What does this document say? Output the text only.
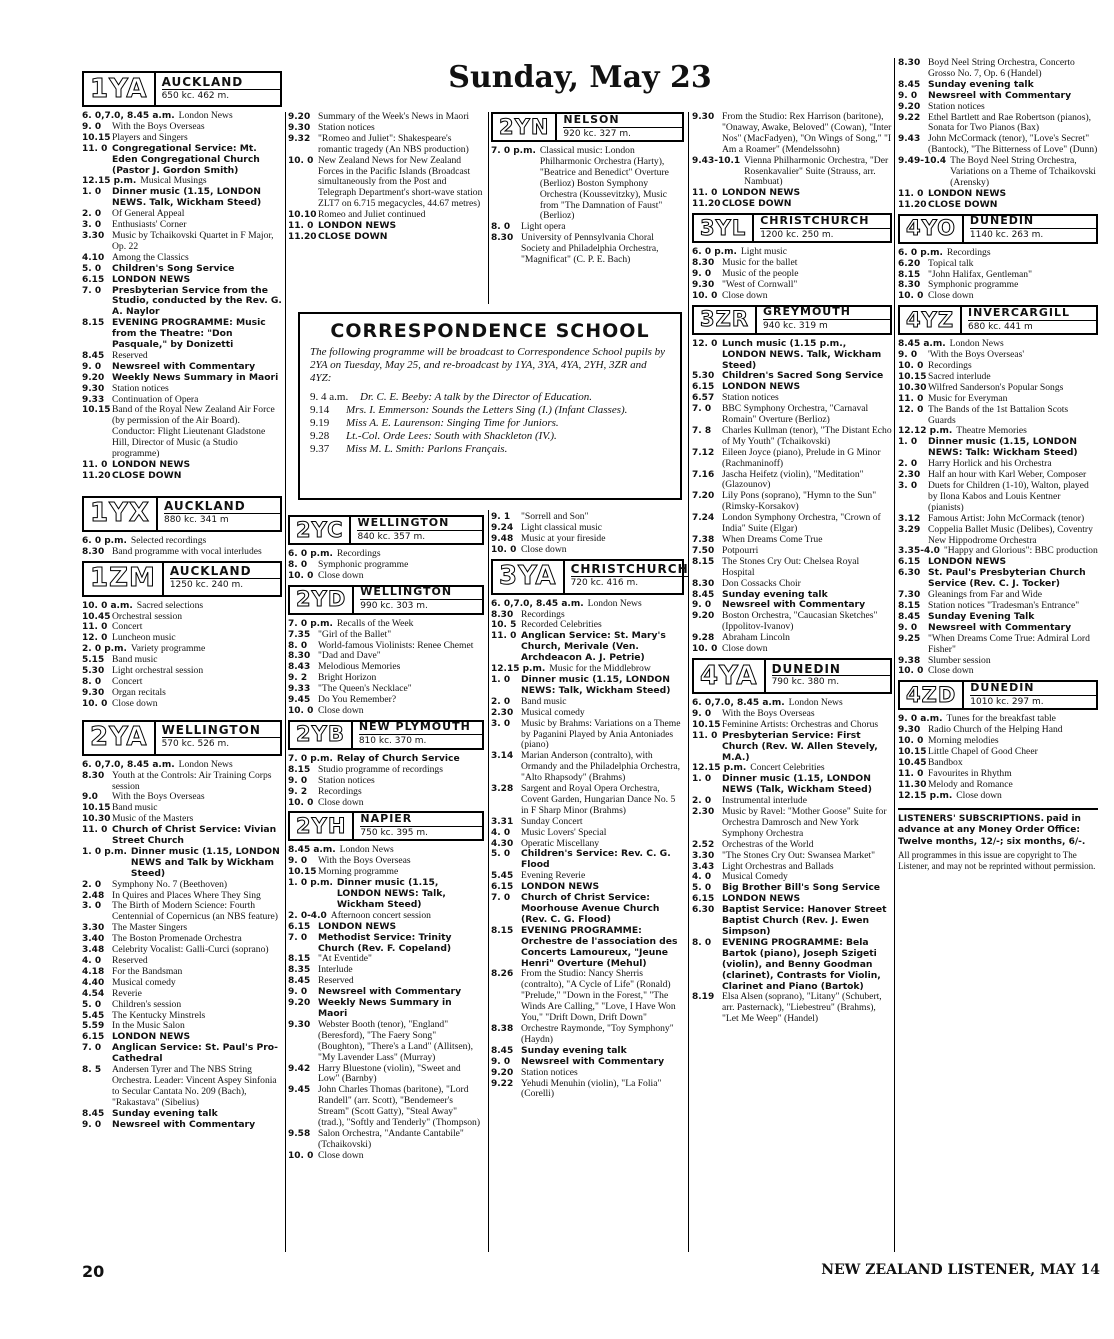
Sunday, May 23
1YA	AUCKLAND
650 kc. 462 m.
6. 0,7.0, 8.45 a.m. London News
9. 0	With the Boys Overseas
10.15 Players and Singers
11. 0 Congregational Service: Mt. Eden Congregational Church (Pastor J. Gordon Smith)
12.15 p.m. Musical Musings
1. 0	Dinner music (1.15, LONDON NEWS. Talk, Wickham Steed)
2. 0	Of General Appeal
3. 0	Enthusiasts' Corner
3.30 Music by Tchaikovski Quartet in F Major, Op. 22
4.10 Among the Classics
5. 0	Children's Song Service
6.15 LONDON NEWS
7. 0	Presbyterian Service from the Studio, conducted by the Rev. G. A. Naylor
8.15 EVENING PROGRAMME: Music from the Theatre: "Don Pasquale," by Donizetti
8.45 Reserved
9. 0	Newsreel with Commentary
9.20 Weekly News Summary in Maori
9.30 Station notices
9.33 Continuation of Opera
10.15 Band of the Royal New Zealand Air Force (by permission of the Air Board). Conductor: Flight Lieutenant Gladstone Hill, Director of Music (a Studio programme)
11. 0 LONDON NEWS
11.20 CLOSE DOWN
1YX	AUCKLAND
880 kc. 341 m
6. 0 p.m. Selected recordings
8.30 Band programme with vocal interludes
1ZM	AUCKLAND
1250 kc. 240 m.
10. 0 a.m. Sacred selections
10.45 Orchestral session
11. 0 Concert
12. 0 Luncheon music
2. 0 p.m. Variety programme
5.15 Band music
5.30 Light orchestral session
8. 0	Concert
9.30 Organ recitals
10. 0 Close down
2YA	WELLINGTON
570 kc. 526 m.
6. 0,7.0, 8.45 a.m. London News
8.30 Youth at the Controls: Air Training Corps session
9.0	With the Boys Overseas
10.15 Band music
10.30 Music of the Masters
11. 0 Church of Christ Service: Vivian Street Church
1. 0 p.m. Dinner music (1.15, LONDON NEWS and Talk by Wickham Steed)
2. 0	Symphony No. 7 (Beethoven)
2.48 In Quires and Places Where They Sing
3. 0	The Birth of Modern Science: Fourth Centennial of Copernicus (an NBS feature)
3.30 The Master Singers
3.40 The Boston Promenade Orchestra
3.48 Celebrity Vocalist: Galli-Curci (soprano)
4. 0	Reserved
4.18 For the Bandsman
4.40 Musical comedy
4.54 Reverie
5. 0	Children's session
5.45 The Kentucky Minstrels
5.59 In the Music Salon
6.15 LONDON NEWS
7. 0	Anglican Service: St. Paul's Pro-Cathedral
8. 5	Andersen Tyrer and The NBS String Orchestra. Leader: Vincent Aspey Sinfonia to Secular Cantata No. 209 (Bach), "Rakastava" (Sibelius)
8.45 Sunday evening talk
9. 0	Newsreel with Commentary
9.20 Summary of the Week's News in Maori
9.30 Station notices
9.32 "Romeo and Juliet": Shakespeare's romantic tragedy (An NBS production)
10. 0 New Zealand News for New Zealand Forces in the Pacific Islands (Broadcast simultaneously from the Post and Telegraph Department's short-wave station ZLT7 on 6.715 megacycles, 44.67 metres)
10.10 Romeo and Juliet continued
11. 0 LONDON NEWS
11.20 CLOSE DOWN
2YN	NELSON
920 kc. 327 m.
7. 0 p.m. Classical music: London Philharmonic Orchestra (Harty), "Beatrice and Benedict" Overture (Berlioz) Boston Symphony Orchestra (Koussevitzky), Music from "The Damnation of Faust" (Berlioz)
8. 0	Light opera
8.30 University of Pennsylvania Choral Society and Philadelphia Orchestra, "Magnificat" (C. P. E. Bach)
CORRESPONDENCE SCHOOL

The following programme will be broadcast to Correspondence School pupils by 2YA on Tuesday, May 25, and re-broadcast by 1YA, 3YA, 4YA, 2YH, 3ZR and 4YZ:

9. 4 a.m.	Dr. C. E. Beeby: A talk by the Director of Education.
9.14	Mrs. I. Emmerson: Sounds the Letters Sing (I.) (Infant Classes).
9.19	Miss A. E. Laurenson: Singing Time for Juniors.
9.28	Lt.-Col. Orde Lees: South with Shackleton (IV.).
9.37	Miss M. L. Smith: Parlons Français.
2YC	WELLINGTON
840 kc. 357 m.
6. 0 p.m. Recordings
8. 0	Symphonic programme
10. 0 Close down
2YD	WELLINGTON
990 kc. 303 m.
7. 0 p.m. Recalls of the Week
7.35 "Girl of the Ballet"
8. 0	World-famous Violinists: Renee Chemet
8.30 "Dad and Dave"
8.43 Melodious Memories
9. 2	Bright Horizon
9.33 "The Queen's Necklace"
9.45 Do You Remember?
10. 0 Close down
2YB	NEW PLYMOUTH
810 kc. 370 m.
7. 0 p.m. Relay of Church Service
8.15 Studio programme of recordings
9. 0	Station notices
9. 2	Recordings
10. 0 Close down
2YH	NAPIER
750 kc. 395 m.
8.45 a.m. London News
9. 0	With the Boys Overseas
10.15 Morning programme
1. 0 p.m. Dinner music (1.15, LONDON NEWS: Talk, Wickham Steed)
2. 0-4.0 Afternoon concert session
6.15 LONDON NEWS
7. 0	Methodist Service: Trinity Church (Rev. F. Copeland)
8.15 "At Eventide"
8.35 Interlude
8.45 Reserved
9. 0	Newsreel with Commentary
9.20 Weekly News Summary in Maori
9.30 Webster Booth (tenor), "England" (Beresford), "The Faery Song" (Boughton), "There's a Land" (Allitsen), "My Lavender Lass" (Murray)
9.42 Harry Bluestone (violin), "Sweet and Low" (Barnby)
9.45 John Charles Thomas (baritone), "Lord Randell" (arr. Scott), "Bendemeer's Stream" (Scott Gatty), "Steal Away" (trad.), "Softly and Tenderly" (Thompson)
9.58 Salon Orchestra, "Andante Cantabile" (Tchaikovski)
10. 0 Close down
9. 1	"Sorrell and Son"
9.24 Light classical music
9.48 Music at your fireside
10. 0 Close down
3YA	CHRISTCHURCH
720 kc. 416 m.
6. 0,7.0, 8.45 a.m. London News
8.30 Recordings
10. 5 Recorded Celebrities
11. 0 Anglican Service: St. Mary's Church, Merivale (Ven. Archdeacon A. J. Petrie)
12.15 p.m. Music for the Middlebrow
1. 0	Dinner music (1.15, LONDON NEWS: Talk, Wickham Steed)
2. 0	Band music
2.30 Musical comedy
3. 0	Music by Brahms: Variations on a Theme by Paganini Played by Ania Antoniades (piano)
3.14 Marian Anderson (contralto), with Ormandy and the Philadelphia Orchestra, "Alto Rhapsody" (Brahms)
3.28 Sargent and Royal Opera Orchestra, Covent Garden, Hungarian Dance No. 5 in F Sharp Minor (Brahms)
3.31 Sunday Concert
4. 0	Music Lovers' Special
4.30 Operatic Miscellany
5. 0	Children's Service: Rev. C. G. Flood
5.45 Evening Reverie
6.15 LONDON NEWS
7. 0	Church of Christ Service: Moorhouse Avenue Church (Rev. C. G. Flood)
8.15 EVENING PROGRAMME: Orchestre de l'association des Concerts Lamoureux, "Jeune Henri" Overture (Mehul)
8.26 From the Studio: Nancy Sherris (contralto), "A Cycle of Life" (Ronald) "Prelude," "Down in the Forest," "The Winds Are Calling," "Love, I Have Won You," "Drift Down, Drift Down"
8.38 Orchestre Raymonde, "Toy Symphony" (Haydn)
8.45 Sunday evening talk
9. 0	Newsreel with Commentary
9.20 Station notices
9.22 Yehudi Menuhin (violin), "La Folia" (Corelli)
9.30 From the Studio: Rex Harrison (baritone), "Onaway, Awake, Beloved" (Cowan), "Inter Nos" (MacFadyen), "On Wings of Song," "I Am a Roamer" (Mendelssohn)
9.43-10.1 Vienna Philharmonic Orchestra, "Der Rosenkavalier" Suite (Strauss, arr. Nambuat)
11. 0 LONDON NEWS
11.20 CLOSE DOWN
3YL	CHRISTCHURCH
1200 kc. 250 m.
6. 0 p.m. Light music
8.30 Music for the ballet
9. 0	Music of the people
9.30 "West of Cornwall"
10. 0 Close down
3ZR	GREYMOUTH
940 kc. 319 m
12. 0 Lunch music (1.15 p.m., LONDON NEWS. Talk, Wickham Steed)
5.30 Children's Sacred Song Service
6.15 LONDON NEWS
6.57 Station notices
7. 0	BBC Symphony Orchestra, "Carnaval Romain" Overture (Berlioz)
7. 8	Charles Kullman (tenor), "The Distant Echo of My Youth" (Tchaikovski)
7.12 Eileen Joyce (piano), Prelude in G Minor (Rachmaninoff)
7.16 Jascha Heifetz (violin), "Meditation" (Glazounov)
7.20 Lily Pons (soprano), "Hymn to the Sun" (Rimsky-Korsakov)
7.24 London Symphony Orchestra, "Crown of India" Suite (Elgar)
7.38 When Dreams Come True
7.50 Potpourri
8.15 The Stones Cry Out: Chelsea Royal Hospital
8.30 Don Cossacks Choir
8.45 Sunday evening talk
9. 0	Newsreel with Commentary
9.20 Boston Orchestra, "Caucasian Sketches" (Ippolitov-Ivanov)
9.28 Abraham Lincoln
10. 0 Close down
4YA	DUNEDIN
790 kc. 380 m.
6. 0,7.0, 8.45 a.m. London News
9. 0	With the Boys Overseas
10.15 Feminine Artists: Orchestras and Chorus
11. 0 Presbyterian Service: First Church (Rev. W. Allen Stevely, M.A.)
12.15 p.m. Concert Celebrities
1. 0	Dinner music (1.15, LONDON NEWS (Talk, Wickham Steed)
2. 0	Instrumental interlude
2.30 Music by Ravel: "Mother Goose" Suite for Orchestra Damrosch and New York Symphony Orchestra
2.52 Orchestras of the World
3.30 "The Stones Cry Out: Swansea Market"
3.43 Light Orchestras and Ballads
4. 0	Musical Comedy
5. 0	Big Brother Bill's Song Service
6.15 LONDON NEWS
6.30 Baptist Service: Hanover Street Baptist Church (Rev. J. Ewen Simpson)
8. 0	EVENING PROGRAMME: Bela Bartok (piano), Joseph Szigeti (violin), and Benny Goodman (clarinet), Contrasts for Violin, Clarinet and Piano (Bartok)
8.19 Elsa Alsen (soprano), "Litany" (Schubert, arr. Pasternack), "Liebestreu" (Brahms), "Let Me Weep" (Handel)
8.30 Boyd Neel String Orchestra, Concerto Grosso No. 7, Op. 6 (Handel)
8.45 Sunday evening talk
9. 0	Newsreel with Commentary
9.20 Station notices
9.22 Ethel Bartlett and Rae Robertson (pianos), Sonata for Two Pianos (Bax)
9.43 John McCormack (tenor), "Love's Secret" (Bantock), "The Bitterness of Love" (Dunn)
9.49-10.4 The Boyd Neel String Orchestra, Variations on a Theme of Tchaikovski (Arensky)
11. 0 LONDON NEWS
11.20 CLOSE DOWN
4YO	DUNEDIN
1140 kc. 263 m.
6. 0 p.m. Recordings
6.20 Topical talk
8.15 "John Halifax, Gentleman"
8.30 Symphonic programme
10. 0 Close down
4YZ	INVERCARGILL
680 kc. 441 m
8.45 a.m. London News
9. 0	'With the Boys Overseas'
10. 0 Recordings
10.15 Sacred interlude
10.30 Wilfred Sanderson's Popular Songs
11. 0 Music for Everyman
12. 0 The Bands of the 1st Battalion Scots Guards
12.12 p.m. Theatre Memories
1. 0	Dinner music (1.15, LONDON NEWS: Talk: Wickham Steed)
2. 0	Harry Horlick and his Orchestra
2.30 Half an hour with Karl Weber, Composer
3. 0	Duets for Children (1-10), Walton, played by Ilona Kabos and Louis Kentner (pianists)
3.12 Famous Artist: John McCormack (tenor)
3.29 Coppelia Ballet Music (Delibes), Coventry New Hippodrome Orchestra
3.35-4.0 "Happy and Glorious": BBC production
6.15 LONDON NEWS
6.30 St. Paul's Presbyterian Church Service (Rev. C. J. Tocker)
7.30 Gleanings from Far and Wide
8.15 Station notices "Tradesman's Entrance"
8.45 Sunday Evening Talk
9. 0	Newsreel with Commentary
9.25 "When Dreams Come True: Admiral Lord Fisher"
9.38 Slumber session
10. 0 Close down
4ZD	DUNEDIN
1010 kc. 297 m.
9. 0 a.m. Tunes for the breakfast table
9.30 Radio Church of the Helping Hand
10. 0 Morning melodies
10.15 Little Chapel of Good Cheer
10.45 Bandbox
11. 0 Favourites in Rhythm
11.30 Melody and Romance
12.15 p.m. Close down
LISTENERS' SUBSCRIPTIONS. paid in advance at any Money Order Office: Twelve months, 12/-; six months, 6/-.
All programmes in this issue are copyright to The Listener, and may not be reprinted without permission.
20	NEW ZEALAND LISTENER, MAY 14
